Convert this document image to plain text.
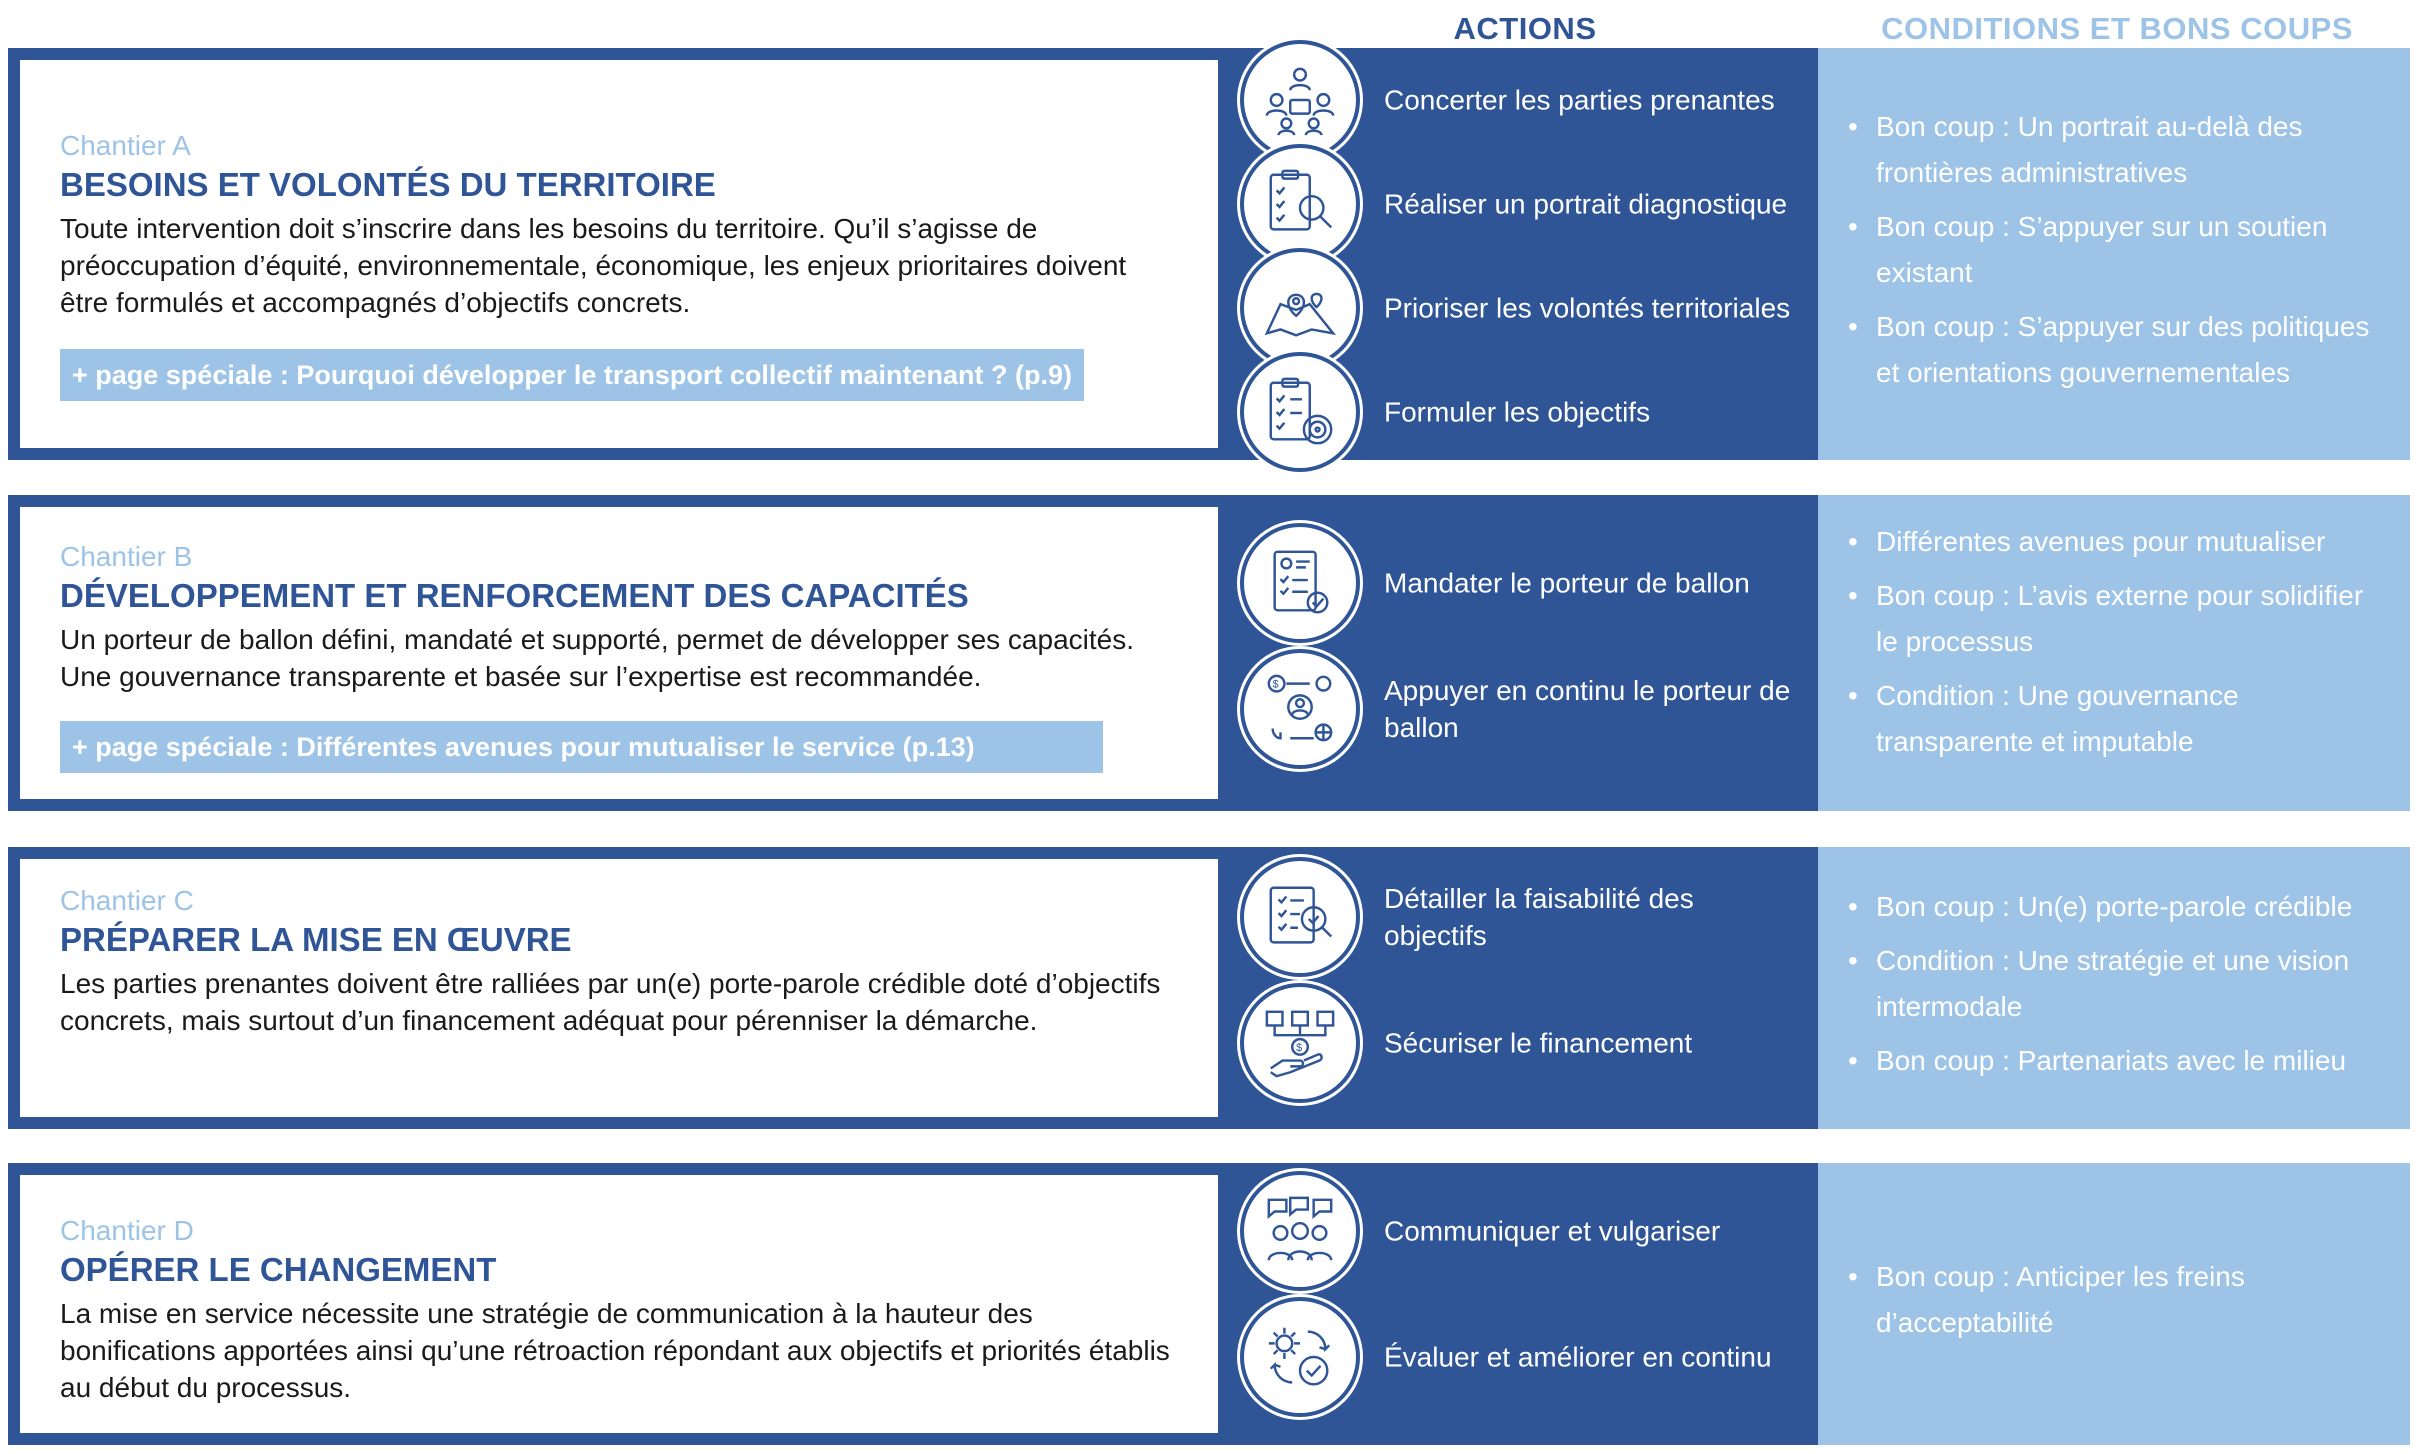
ACTIONS	CONDITIONS ET BONS COUPS
Chantier A
BESOINS ET VOLONTÉS DU TERRITOIRE
Toute intervention doit s’inscrire dans les besoins du territoire. Qu’il s’agisse de préoccupation d’équité, environnementale, économique, les enjeux prioritaires doivent être formulés et accompagnés d’objectifs concrets.
+ page spéciale : Pourquoi développer le transport collectif maintenant ? (p.9)
Concerter les parties prenantes
Réaliser un portrait diagnostique
Prioriser les volontés territoriales
Formuler les objectifs
• Bon coup : Un portrait au-delà des frontières administratives
• Bon coup : S’appuyer sur un soutien existant
• Bon coup : S’appuyer sur des politiques et orientations gouvernementales
Chantier B
DÉVELOPPEMENT ET RENFORCEMENT DES CAPACITÉS
Un porteur de ballon défini, mandaté et supporté, permet de développer ses capacités. Une gouvernance transparente et basée sur l’expertise est recommandée.
+ page spéciale : Différentes avenues pour mutualiser le service (p.13)
Mandater le porteur de ballon
$	Appuyer en continu le porteur de ballon
• Différentes avenues pour mutualiser
• Bon coup : L’avis externe pour solidifier le processus
• Condition : Une gouvernance transparente et imputable
Chantier C
PRÉPARER LA MISE EN ŒUVRE
Les parties prenantes doivent être ralliées par un(e) porte-parole crédible doté d’objectifs concrets, mais surtout d’un financement adéquat pour pérenniser la démarche.
Détailler la faisabilité des objectifs
$	Sécuriser le financement
• Bon coup : Un(e) porte-parole crédible
• Condition : Une stratégie et une vision intermodale
• Bon coup : Partenariats avec le milieu
Chantier D
OPÉRER LE CHANGEMENT
La mise en service nécessite une stratégie de communication à la hauteur des bonifications apportées ainsi qu’une rétroaction répondant aux objectifs et priorités établis au début du processus.
Communiquer et vulgariser
Évaluer et améliorer en continu
• Bon coup : Anticiper les freins d’acceptabilité
